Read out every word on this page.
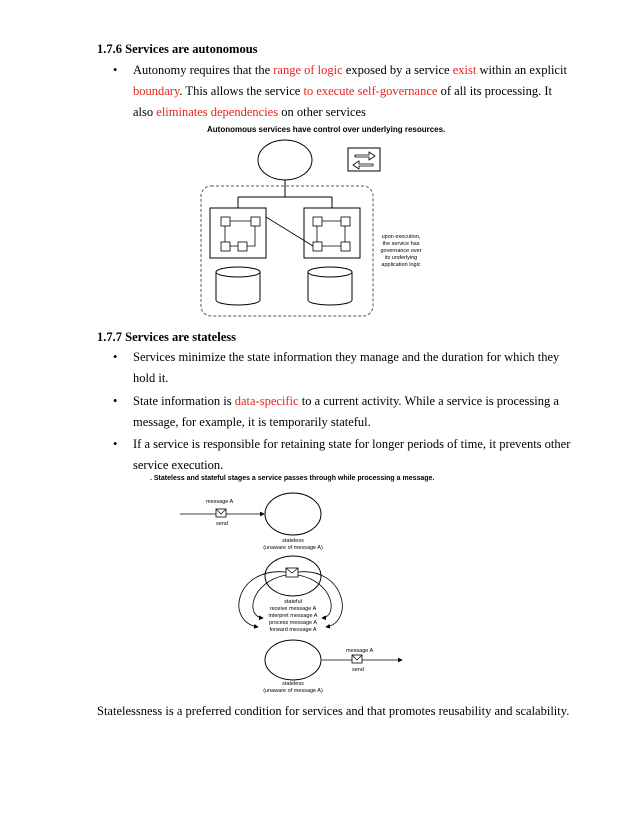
1.7.6 Services are autonomous
• Autonomy requires that the range of logic exposed by a service exist within an explicit
boundary. This allows the service to execute self-governance of all its processing. It
also eliminates dependencies on other services
Autonomous services have control over underlying resources.
upon execution,
the service has
governance over
its underlying
application logic
1.7.7 Services are stateless
• Services minimize the state information they manage and the duration for which they
hold it.
• State information is data-specific to a current activity. While a service is processing a
message, for example, it is temporarily stateful.
• If a service is responsible for retaining state for longer periods of time, it prevents other
service execution.
. Stateless and stateful stages a service passes through while processing a message.
message A
send
stateless
(unaware of message A)
stateful
receive message A
interpret message A
process message A
forward message A
message A
send
stateless
(unaware of message A)
Statelessness is a preferred condition for services and that promotes reusability and scalability.
